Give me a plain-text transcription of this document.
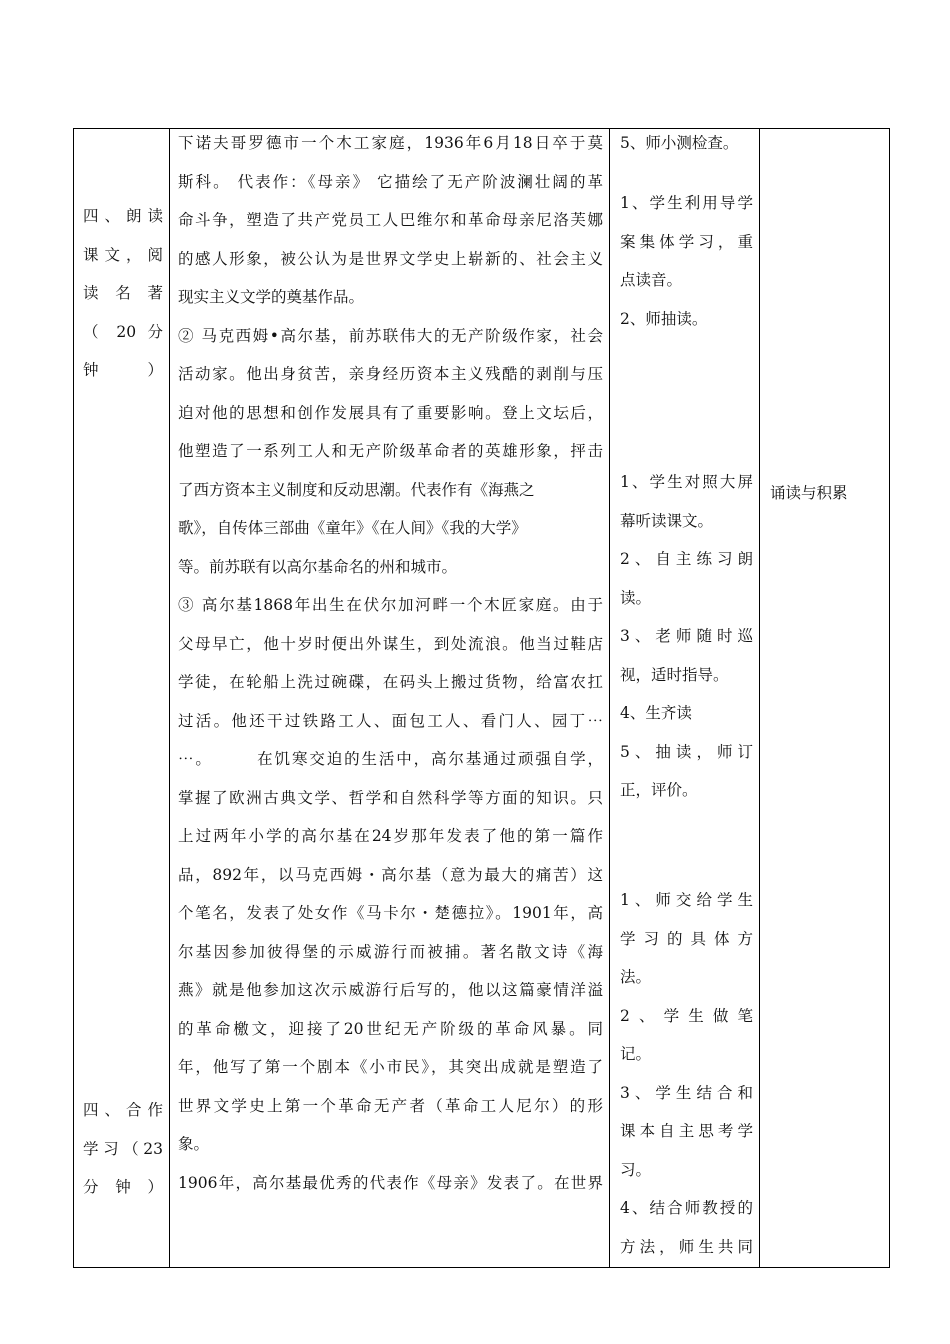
四、朗读
课文，阅
读名著
（ 20 分
钟）
四、合作
学习（23
分钟）
下诺夫哥罗德市一个木工家庭，1936年6月18日卒于莫
斯科。 代表作：《母亲》 它描绘了无产阶波澜壮阔的革
命斗争，塑造了共产党员工人巴维尔和革命母亲尼洛芙娜
的感人形象，被公认为是世界文学史上崭新的、社会主义
现实主义文学的奠基作品。
② 马克西姆•高尔基，前苏联伟大的无产阶级作家，社会
活动家。他出身贫苦，亲身经历资本主义残酷的剥削与压
迫对他的思想和创作发展具有了重要影响。登上文坛后，
他塑造了一系列工人和无产阶级革命者的英雄形象，抨击
了西方资本主义制度和反动思潮。代表作有《海燕之
歌》，自传体三部曲《童年》《在人间》《我的大学》
等。前苏联有以高尔基命名的州和城市。
③ 高尔基1868年出生在伏尔加河畔一个木匠家庭。由于
父母早亡，他十岁时便出外谋生，到处流浪。他当过鞋店
学徒，在轮船上洗过碗碟，在码头上搬过货物，给富农扛
过活。他还干过铁路工人、面包工人、看门人、园丁⋯
⋯。　　　在饥寒交迫的生活中，高尔基通过顽强自学，
掌握了欧洲古典文学、哲学和自然科学等方面的知识。只
上过两年小学的高尔基在24岁那年发表了他的第一篇作
品，892年，以马克西姆・高尔基（意为最大的痛苦）这
个笔名，发表了处女作《马卡尔・楚德拉》。1901年，高
尔基因参加彼得堡的示威游行而被捕。著名散文诗《海
燕》就是他参加这次示威游行后写的，他以这篇豪情洋溢
的革命檄文，迎接了20世纪无产阶级的革命风暴。同
年，他写了第一个剧本《小市民》，其突出成就是塑造了
世界文学史上第一个革命无产者（革命工人尼尔）的形
象。
1906年，高尔基最优秀的代表作《母亲》发表了。在世界
5、师小测检查。
1、学生利用导学
案集体学习，重
点读音。
2、师抽读。
1、学生对照大屏
幕听读课文。
2、自主练习朗
读。
3、老师随时巡
视，适时指导。
4、生齐读
5、抽读，师订
正，评价。
1、师交给学生
学习的具体方
法。
2、学生做笔
记。
3、学生结合和
课本自主思考学
习。
4、结合师教授的
方法，师生共同
诵读与积累
